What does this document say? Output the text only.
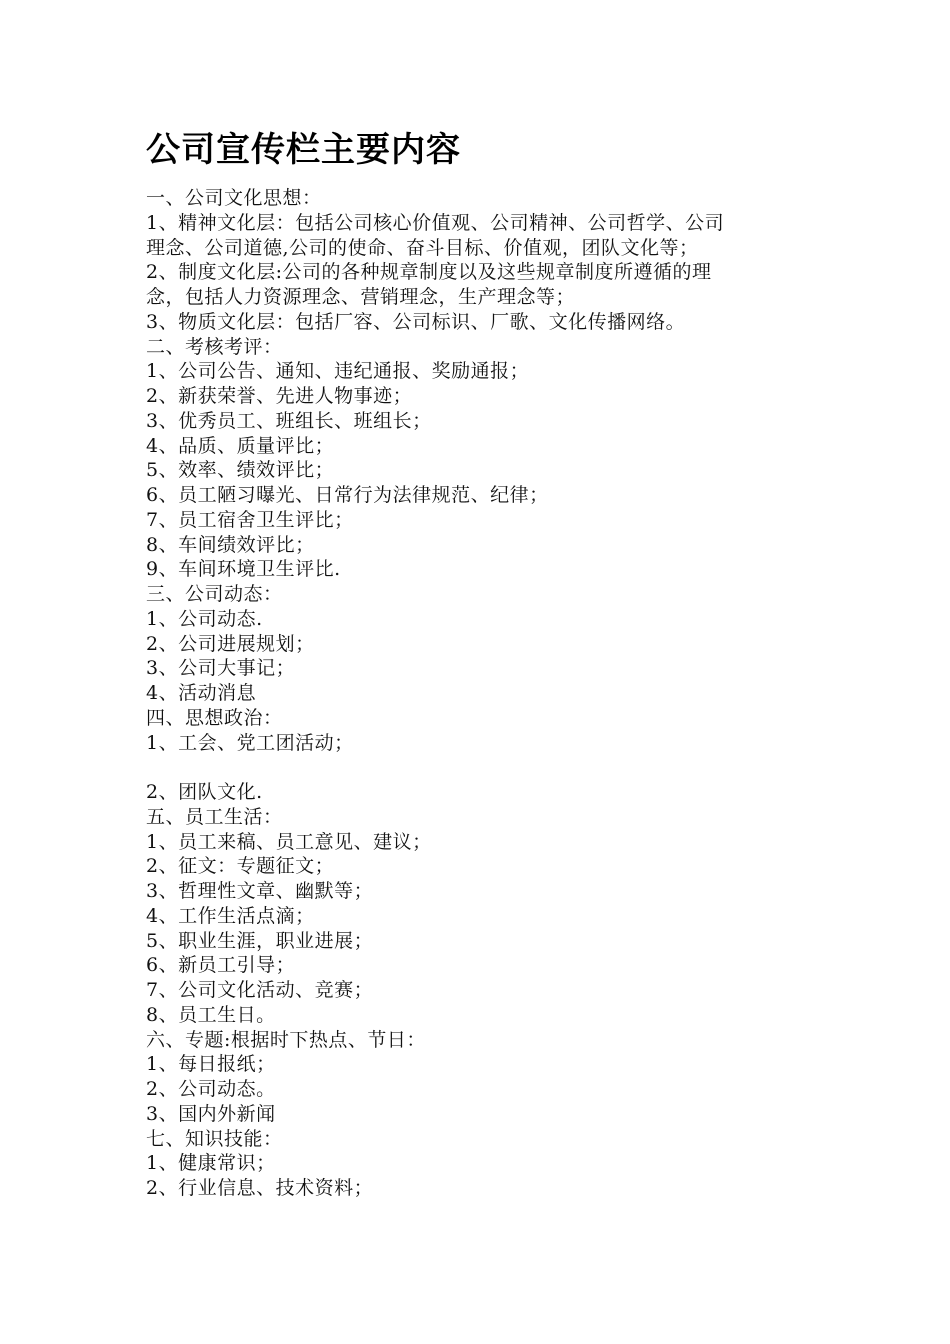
公司宣传栏主要内容
一、公司文化思想：
1、精神文化层：包括公司核心价值观、公司精神、公司哲学、公司
理念、公司道德,公司的使命、奋斗目标、价值观，团队文化等；
2、制度文化层:公司的各种规章制度以及这些规章制度所遵循的理
念，包括人力资源理念、营销理念，生产理念等；
3、物质文化层：包括厂容、公司标识、厂歌、文化传播网络。
二、考核考评：
1、公司公告、通知、违纪通报、奖励通报；
2、新获荣誉、先进人物事迹；
3、优秀员工、班组长、班组长；
4、品质、质量评比；
5、效率、绩效评比；
6、员工陋习曝光、日常行为法律规范、纪律；
7、员工宿舍卫生评比；
8、车间绩效评比；
9、车间环境卫生评比.
三、公司动态：
1、公司动态.
2、公司进展规划；
3、公司大事记；
4、活动消息
四、思想政治：
1、工会、党工团活动；
2、团队文化.
五、员工生活：
1、员工来稿、员工意见、建议；
2、征文：专题征文；
3、哲理性文章、幽默等；
4、工作生活点滴；
5、职业生涯，职业进展；
6、新员工引导；
7、公司文化活动、竞赛；
8、员工生日。
六、专题:根据时下热点、节日：
1、每日报纸；
2、公司动态。
3、国内外新闻
七、知识技能：
1、健康常识；
2、行业信息、技术资料；
